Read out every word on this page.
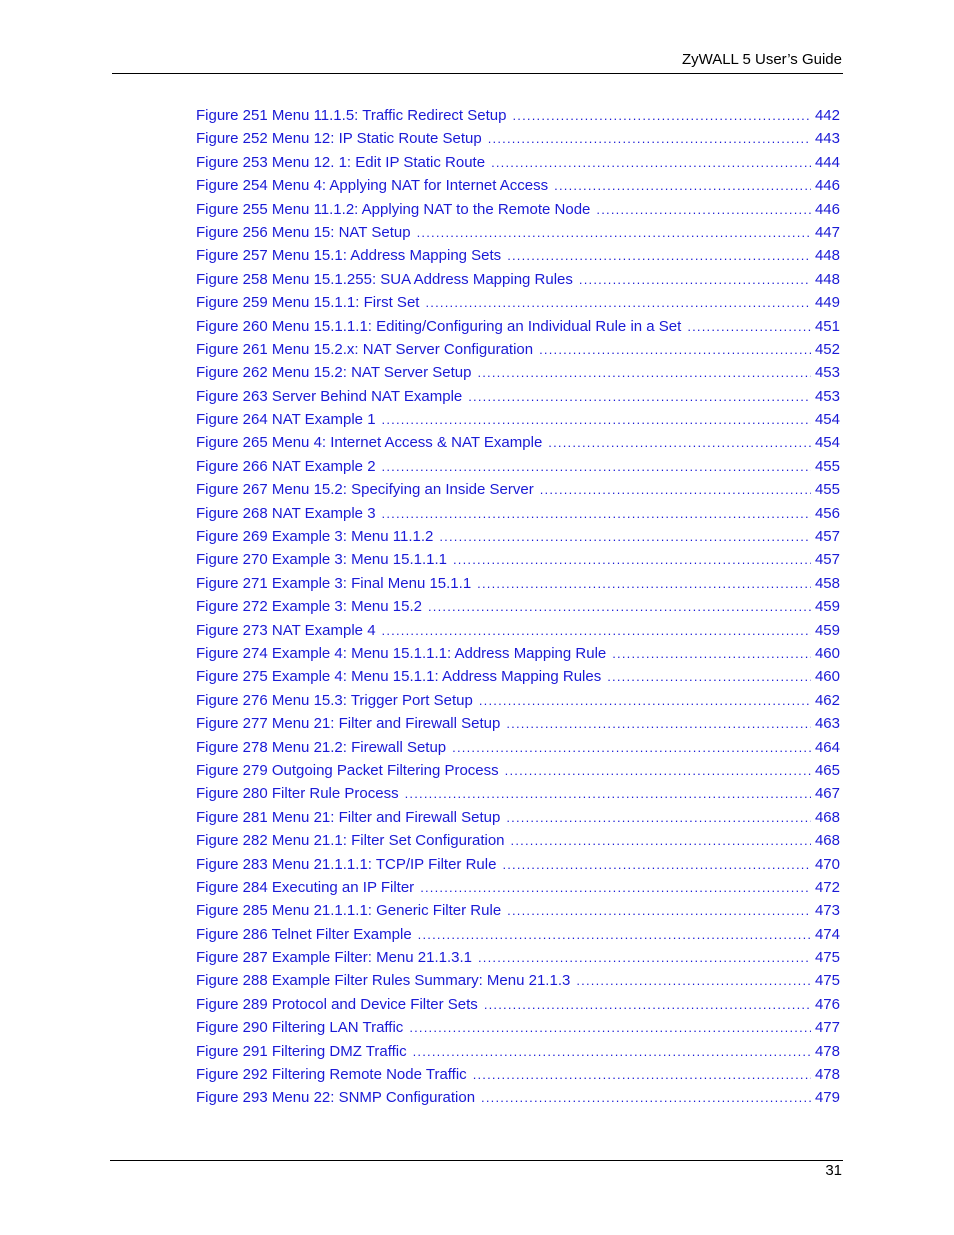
ZyWALL 5 User’s Guide
Figure 251 Menu 11.1.5: Traffic Redirect Setup .....	442
Figure 252 Menu 12: IP Static Route Setup .....	443
Figure 253 Menu 12. 1: Edit IP Static Route .....	444
Figure 254 Menu 4: Applying NAT for Internet Access .....	446
Figure 255 Menu 11.1.2: Applying NAT to the Remote Node .....	446
Figure 256 Menu 15: NAT Setup .....	447
Figure 257 Menu 15.1: Address Mapping Sets .....	448
Figure 258 Menu 15.1.255: SUA Address Mapping Rules .....	448
Figure 259 Menu 15.1.1: First Set .....	449
Figure 260 Menu 15.1.1.1: Editing/Configuring an Individual Rule in a Set .....	451
Figure 261 Menu 15.2.x: NAT Server Configuration .....	452
Figure 262 Menu 15.2: NAT Server Setup .....	453
Figure 263 Server Behind NAT Example .....	453
Figure 264 NAT Example 1 .....	454
Figure 265 Menu 4: Internet Access & NAT Example .....	454
Figure 266 NAT Example 2 .....	455
Figure 267 Menu 15.2: Specifying an Inside Server .....	455
Figure 268 NAT Example 3 .....	456
Figure 269 Example 3: Menu 11.1.2 .....	457
Figure 270 Example 3: Menu 15.1.1.1 .....	457
Figure 271 Example 3: Final Menu 15.1.1 .....	458
Figure 272 Example 3: Menu 15.2 .....	459
Figure 273 NAT Example 4 .....	459
Figure 274 Example 4: Menu 15.1.1.1: Address Mapping Rule .....	460
Figure 275 Example 4: Menu 15.1.1: Address Mapping Rules .....	460
Figure 276 Menu 15.3: Trigger Port Setup .....	462
Figure 277 Menu 21: Filter and Firewall Setup .....	463
Figure 278 Menu 21.2: Firewall Setup .....	464
Figure 279 Outgoing Packet Filtering Process .....	465
Figure 280 Filter Rule Process .....	467
Figure 281 Menu 21: Filter and Firewall Setup .....	468
Figure 282 Menu 21.1: Filter Set Configuration .....	468
Figure 283 Menu 21.1.1.1: TCP/IP Filter Rule .....	470
Figure 284 Executing an IP Filter .....	472
Figure 285 Menu 21.1.1.1: Generic Filter Rule .....	473
Figure 286 Telnet Filter Example .....	474
Figure 287 Example Filter: Menu 21.1.3.1 .....	475
Figure 288 Example Filter Rules Summary: Menu 21.1.3 .....	475
Figure 289 Protocol and Device Filter Sets .....	476
Figure 290 Filtering LAN Traffic .....	477
Figure 291 Filtering DMZ Traffic .....	478
Figure 292 Filtering Remote Node Traffic .....	478
Figure 293 Menu 22: SNMP Configuration .....	479
31
